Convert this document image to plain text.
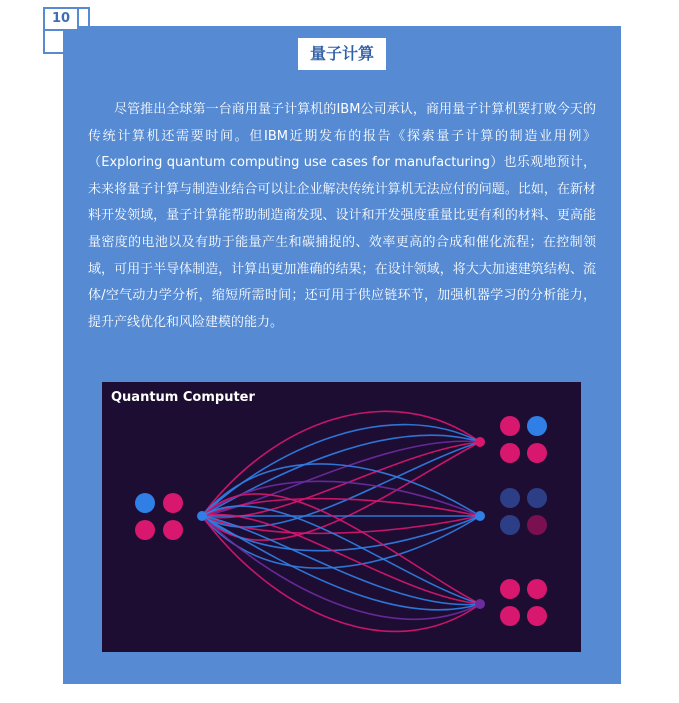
10
量子计算

尽管推出全球第一台商用量子计算机的IBM公司承认，商用量子计算机要打败今天的传统计算机还需要时间。但IBM近期发布的报告《探索量子计算的制造业用例》（Exploring quantum computing use cases for manufacturing）也乐观地预计，未来将量子计算与制造业结合可以让企业解决传统计算机无法应付的问题。比如，在新材料开发领域，量子计算能帮助制造商发现、设计和开发强度重量比更有利的材料、更高能量密度的电池以及有助于能量产生和碳捕捉的、效率更高的合成和催化流程；在控制领域，可用于半导体制造，计算出更加准确的结果；在设计领域，将大大加速建筑结构、流体/空气动力学分析，缩短所需时间；还可用于供应链环节，加强机器学习的分析能力，提升产线优化和风险建模的能力。

Quantum Computer
